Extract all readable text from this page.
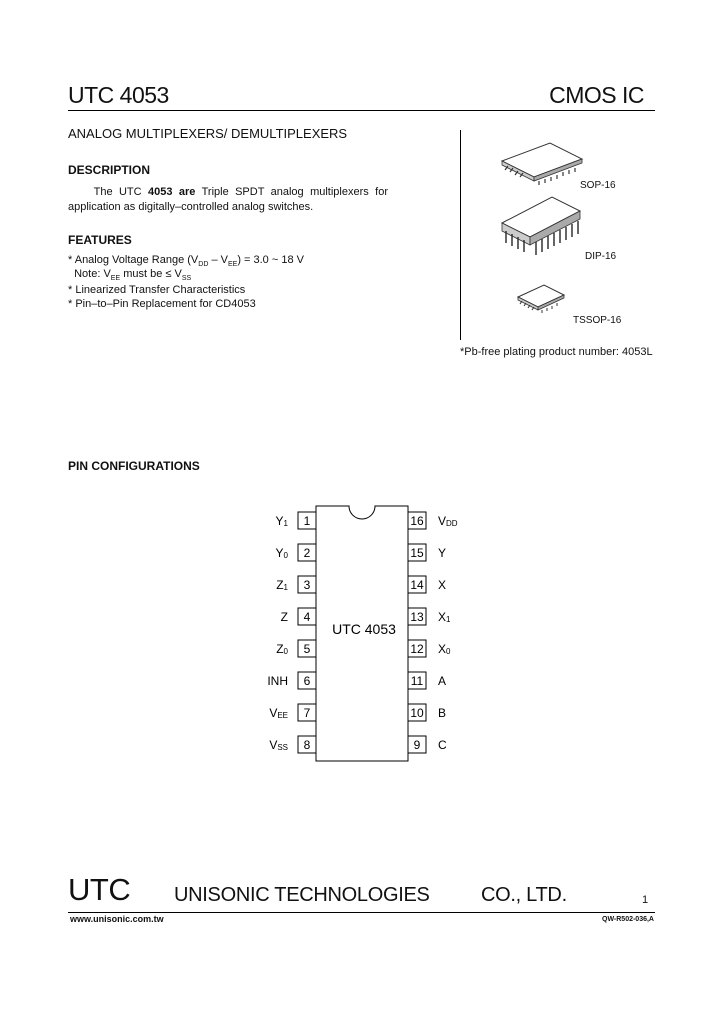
UTC 4053	CMOS IC
ANALOG MULTIPLEXERS/ DEMULTIPLEXERS
DESCRIPTION
The UTC 4053 are Triple SPDT analog multiplexers for application as digitally–controlled analog switches.
FEATURES
* Analog Voltage Range $(V_{DD} - V_{EE}) = 3.0$ ~ 18 V
Note: $V_{EE}$ must be ≤ $V_{SS}$
* Linearized Transfer Characteristics
* Pin–to–Pin Replacement for CD4053
SOP-16
DIP-16
TSSOP-16
*Pb-free plating product number: 4053L
PIN CONFIGURATIONS
UTC 4053
1
Y1
2
Y0
3
Z1
4
Z
5
Z0
6
INH
7
VEE
8
VSS
16 VDD
15 Y
14 X
13 X1
12 X0
11 A
10 B
9 C
UTC UNISONIC TECHNOLOGIES	CO., LTD.	1
www.unisonic.com.tw	QW-R502-036,A
